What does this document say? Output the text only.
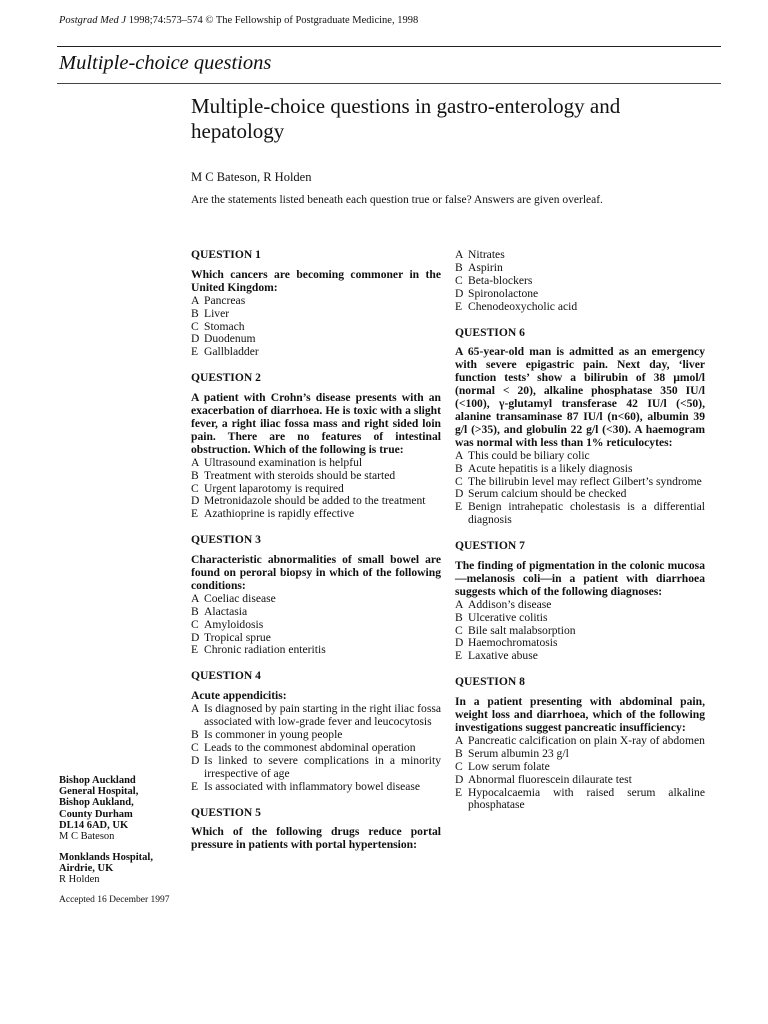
Postgrad Med J 1998;74:573–574 © The Fellowship of Postgraduate Medicine, 1998
Multiple-choice questions
Multiple-choice questions in gastro-enterology and hepatology
M C Bateson, R Holden
Are the statements listed beneath each question true or false? Answers are given overleaf.
QUESTION 1

Which cancers are becoming commoner in the United Kingdom:

A Pancreas
B Liver
C Stomach
D Duodenum
E Gallbladder
QUESTION 2

A patient with Crohn’s disease presents with an exacerbation of diarrhoea. He is toxic with a slight fever, a right iliac fossa mass and right sided loin pain. There are no features of intestinal obstruction. Which of the following is true:

A Ultrasound examination is helpful
B Treatment with steroids should be started
C Urgent laparotomy is required
D Metronidazole should be added to the treatment
E Azathioprine is rapidly effective
QUESTION 3

Characteristic abnormalities of small bowel are found on peroral biopsy in which of the following conditions:

A Coeliac disease
B Alactasia
C Amyloidosis
D Tropical sprue
E Chronic radiation enteritis
QUESTION 4

Acute appendicitis:

A Is diagnosed by pain starting in the right iliac fossa associated with low-grade fever and leucocytosis
B Is commoner in young people
C Leads to the commonest abdominal operation
D Is linked to severe complications in a minority irrespective of age
E Is associated with inflammatory bowel disease
QUESTION 5

Which of the following drugs reduce portal pressure in patients with portal hypertension:

A Nitrates
B Aspirin
C Beta-blockers
D Spironolactone
E Chenodeoxycholic acid
QUESTION 6

A 65-year-old man is admitted as an emergency with severe epigastric pain. Next day, ‘liver function tests’ show a bilirubin of 38 µmol/l (normal < 20), alkaline phosphatase 350 IU/l (<100), γ-glutamyl transferase 42 IU/l (<50), alanine transaminase 87 IU/l (n<60), albumin 39 g/l (>35), and globulin 22 g/l (<30). A haemogram was normal with less than 1% reticulocytes:

A This could be biliary colic
B Acute hepatitis is a likely diagnosis
C The bilirubin level may reflect Gilbert’s syndrome
D Serum calcium should be checked
E Benign intrahepatic cholestasis is a differential diagnosis
QUESTION 7

The finding of pigmentation in the colonic mucosa—melanosis coli—in a patient with diarrhoea suggests which of the following diagnoses:

A Addison’s disease
B Ulcerative colitis
C Bile salt malabsorption
D Haemochromatosis
E Laxative abuse
QUESTION 8

In a patient presenting with abdominal pain, weight loss and diarrhoea, which of the following investigations suggest pancreatic insufficiency:

A Pancreatic calcification on plain X-ray of abdomen
B Serum albumin 23 g/l
C Low serum folate
D Abnormal fluorescein dilaurate test
E Hypocalcaemia with raised serum alkaline phosphatase
Bishop Auckland
General Hospital,
Bishop Aukland,
County Durham
DL14 6AD, UK
M C Bateson
Monklands Hospital,
Airdrie, UK
R Holden
Accepted 16 December 1997
